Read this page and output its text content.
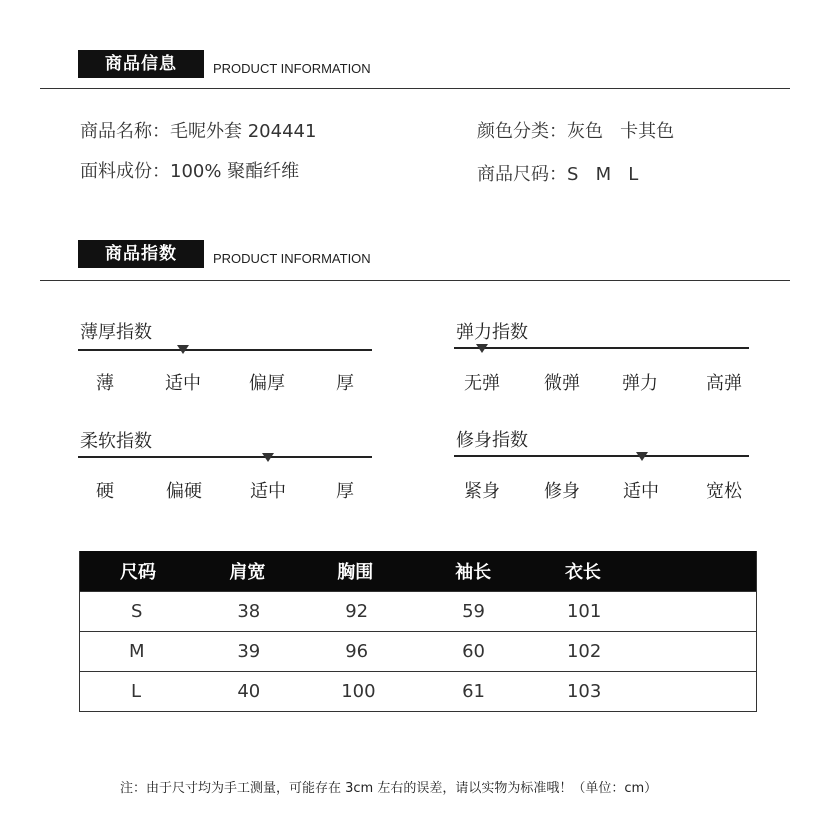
商品信息	PRODUCT INFORMATION
商品名称：毛呢外套 204441
面料成份：100% 聚酯纤维
颜色分类：灰色   卡其色
商品尺码：S   M   L
商品指数	PRODUCT INFORMATION
薄厚指数
薄	适中	偏厚	厚
弹力指数
无弹	微弹	弹力	高弹
柔软指数
硬	偏硬	适中	厚
修身指数
紧身	修身	适中	宽松
尺码	肩宽	胸围	袖长	衣长
S	38	92	59	101
M	39	96	60	102
L	40	100	61	103
注：由于尺寸均为手工测量，可能存在 3cm 左右的误差，请以实物为标准哦！（单位：cm）
